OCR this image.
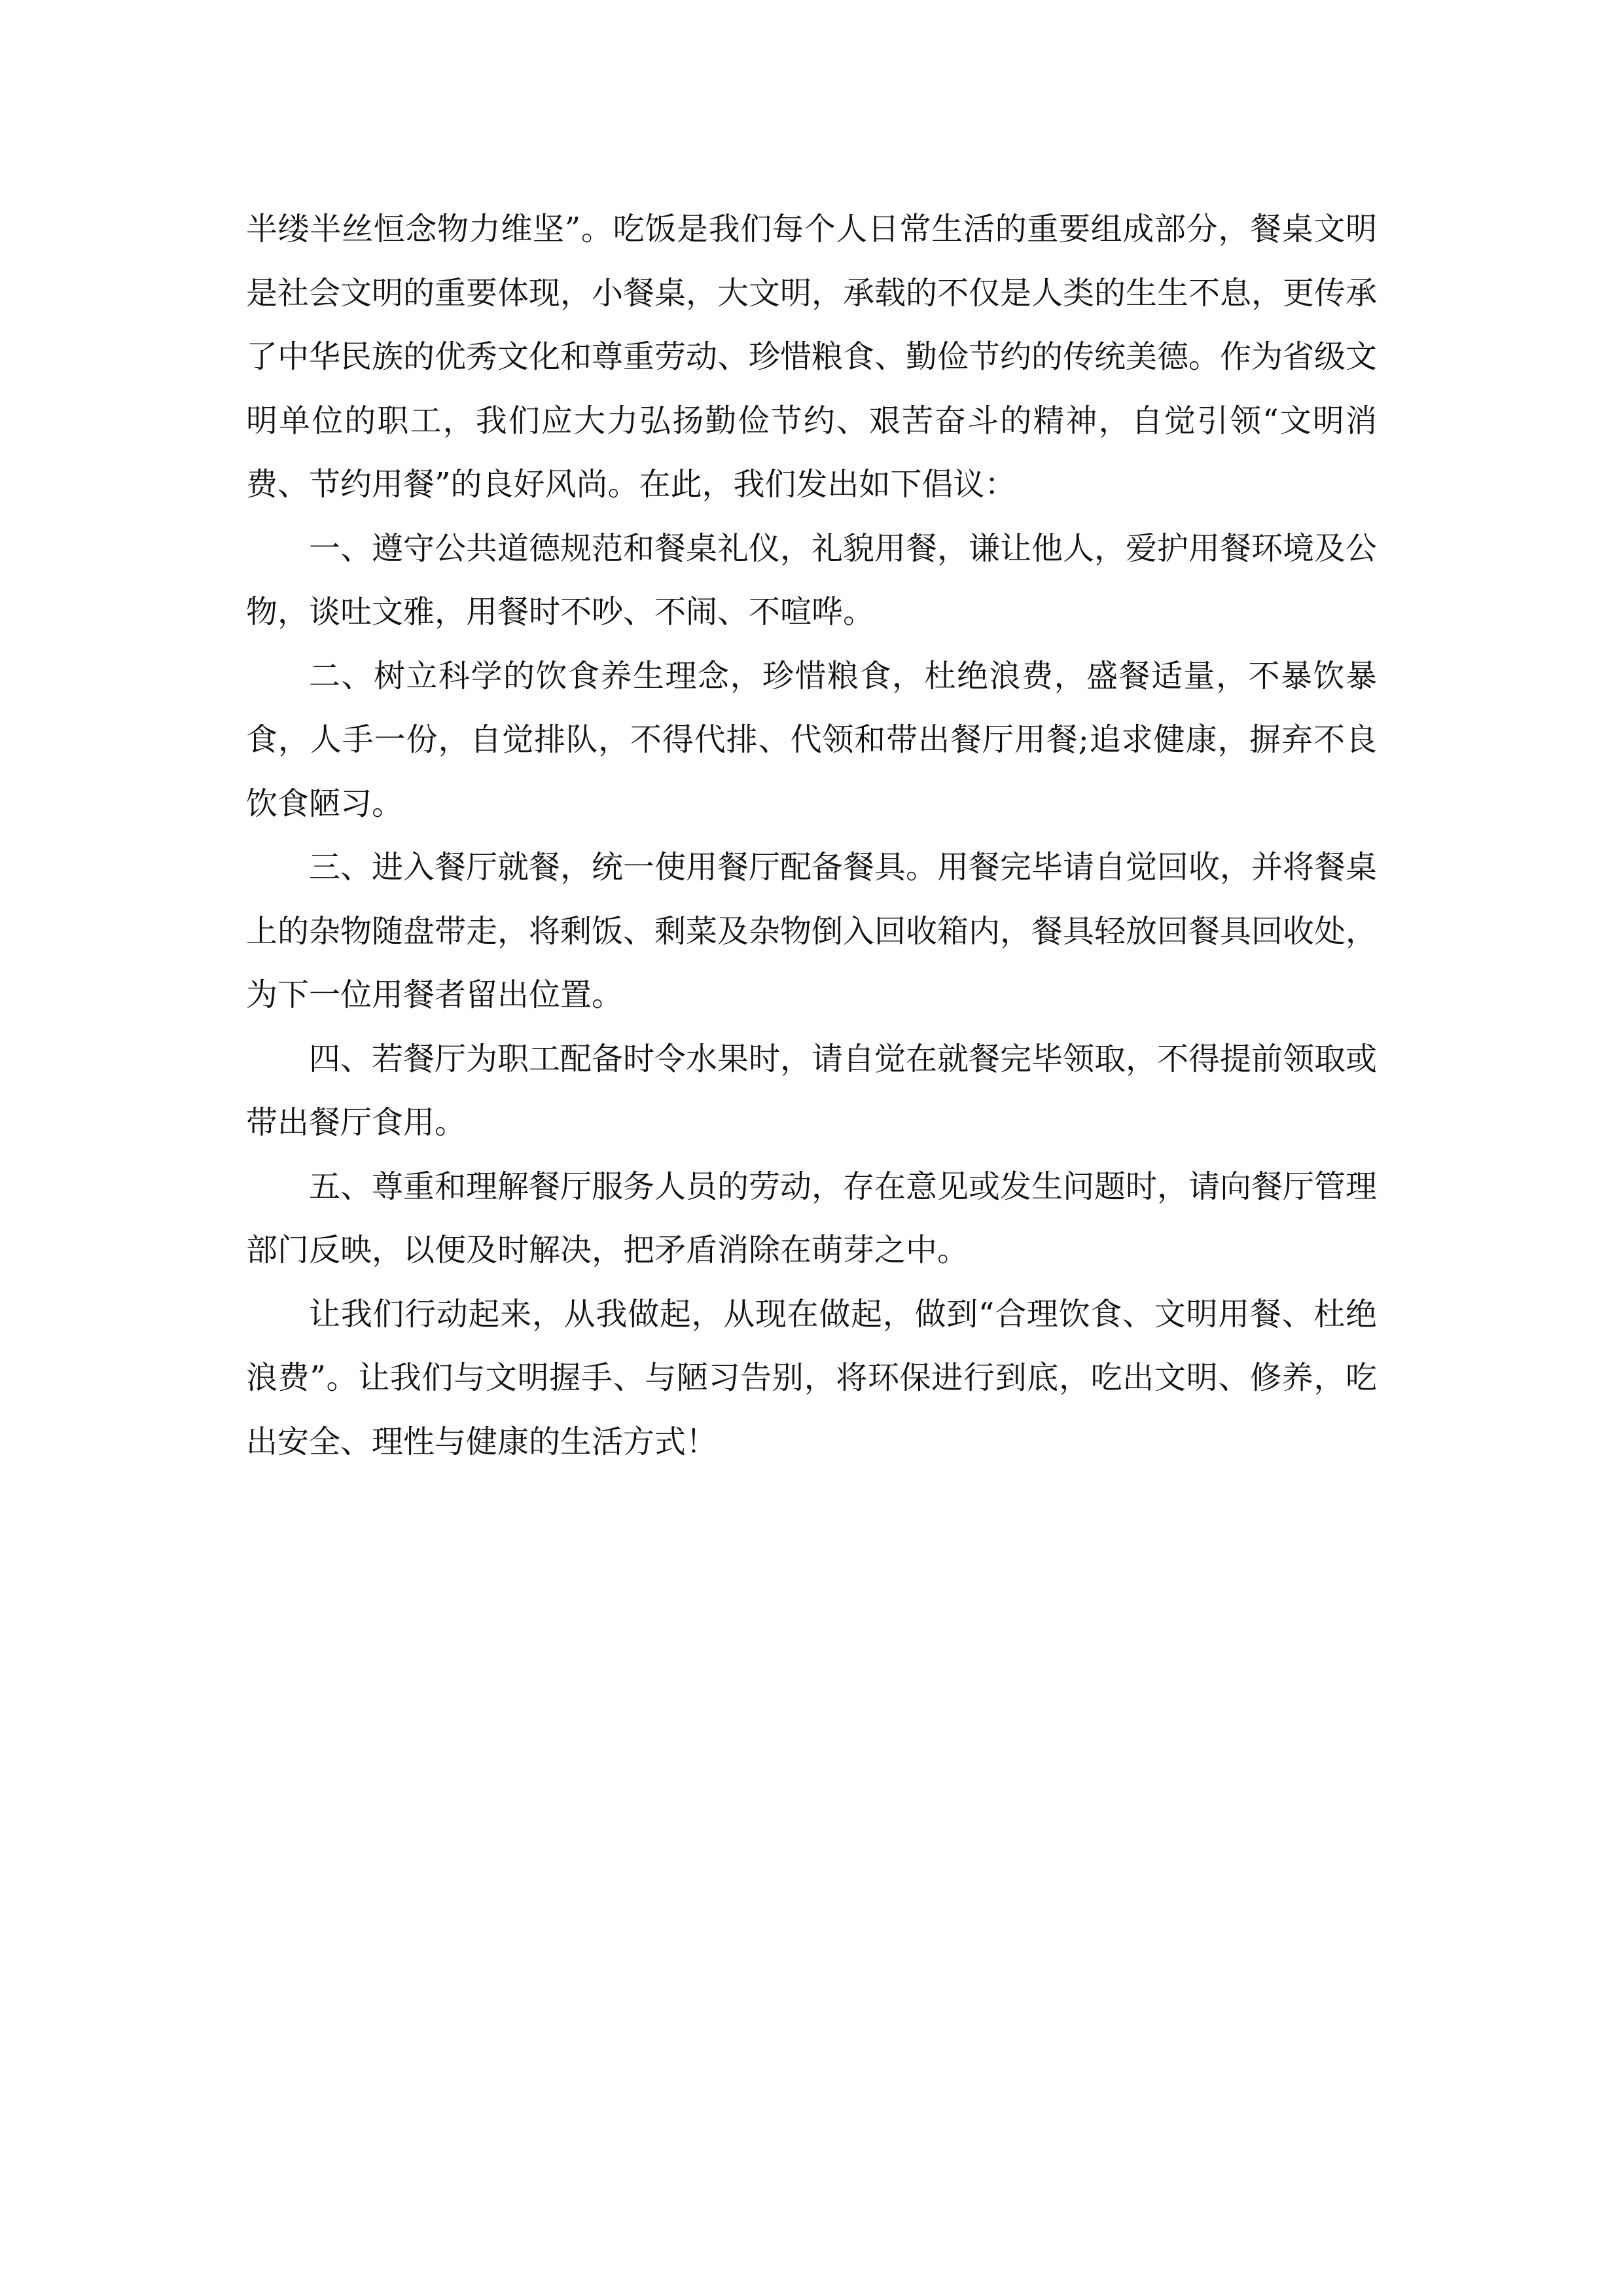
半缕半丝恒念物力维坚”。吃饭是我们每个人日常生活的重要组成部分，餐桌文明是社会文明的重要体现，小餐桌，大文明，承载的不仅是人类的生生不息，更传承了中华民族的优秀文化和尊重劳动、珍惜粮食、勤俭节约的传统美德。作为省级文明单位的职工，我们应大力弘扬勤俭节约、艰苦奋斗的精神，自觉引领“文明消费、节约用餐”的良好风尚。在此，我们发出如下倡议：

一、遵守公共道德规范和餐桌礼仪，礼貌用餐，谦让他人，爱护用餐环境及公物，谈吐文雅，用餐时不吵、不闹、不喧哗。

二、树立科学的饮食养生理念，珍惜粮食，杜绝浪费，盛餐适量，不暴饮暴食，人手一份，自觉排队，不得代排、代领和带出餐厅用餐;追求健康，摒弃不良饮食陋习。

三、进入餐厅就餐，统一使用餐厅配备餐具。用餐完毕请自觉回收，并将餐桌上的杂物随盘带走，将剩饭、剩菜及杂物倒入回收箱内，餐具轻放回餐具回收处，为下一位用餐者留出位置。

四、若餐厅为职工配备时令水果时，请自觉在就餐完毕领取，不得提前领取或带出餐厅食用。

五、尊重和理解餐厅服务人员的劳动，存在意见或发生问题时，请向餐厅管理部门反映，以便及时解决，把矛盾消除在萌芽之中。

让我们行动起来，从我做起，从现在做起，做到“合理饮食、文明用餐、杜绝浪费”。让我们与文明握手、与陋习告别，将环保进行到底，吃出文明、修养，吃出安全、理性与健康的生活方式！
